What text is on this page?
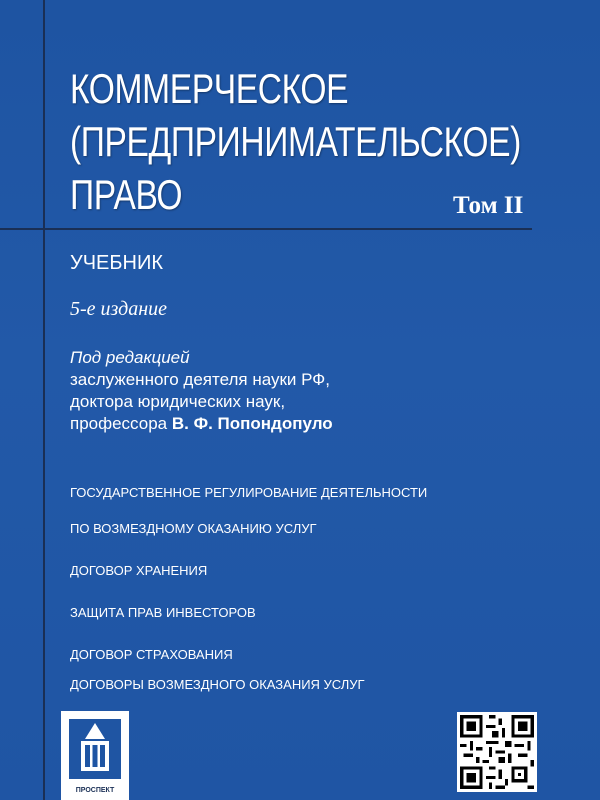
КОММЕРЧЕСКОЕ
(ПРЕДПРИНИМАТЕЛЬСКОЕ)
ПРАВО	Том II
УЧЕБНИК
5-е издание
Под редакцией
заслуженного деятеля науки РФ,
доктора юридических наук,
профессора В. Ф. Попондопуло
ГОСУДАРСТВЕННОЕ РЕГУЛИРОВАНИЕ ДЕЯТЕЛЬНОСТИ
ПО ВОЗМЕЗДНОМУ ОКАЗАНИЮ УСЛУГ
ДОГОВОР ХРАНЕНИЯ
ЗАЩИТА ПРАВ ИНВЕСТОРОВ
ДОГОВОР СТРАХОВАНИЯ
ДОГОВОРЫ ВОЗМЕЗДНОГО ОКАЗАНИЯ УСЛУГ
ПРОСПЕКТ
